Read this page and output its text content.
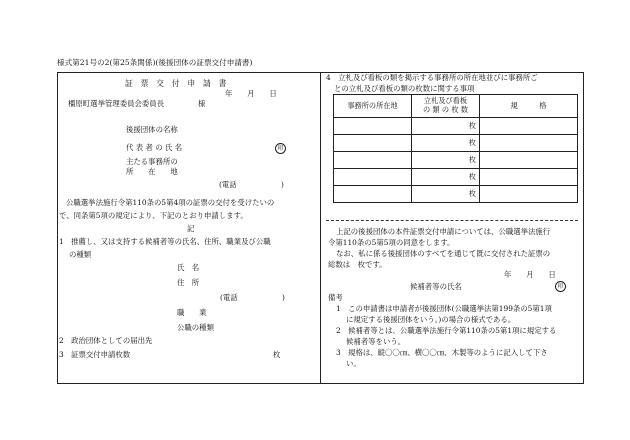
様式第21号の2(第25条関係)(後援団体の証票交付申請書)
証　票　交　付　申　請　書
年　　月　　日
橿原町選挙管理委員会委員長	様
後援団体の名称
代 表 者 の 氏 名	印
主たる事務所の
所　　在　　地
(電話　　　　　　)
公職選挙法施行令第110条の5第4項の証票の交付を受けたいの
で、同条第5項の規定により、下記のとおり申請します。
記
1　推薦し、又は支持する候補者等の氏名、住所、職業及び公職
の種類
氏　名
住　所
(電話　　　　　　)
職　　業
公職の種類
2　政治団体としての届出先
3　証票交付申請枚数	枚
4　立札及び看板の類を掲示する事務所の所在地並びに事務所ご
との立札及び看板の類の枚数に関する事項
事務所の所在地	立札及び看板
の 類 の 枚 数	規　　　格
	枚	
	枚	
	枚	
	枚	
	枚	
上記の後援団体の本件証票交付申請については、公職選挙法施行
令第110条の5第5項の同意をします。
なお、私に係る後援団体のすべてを通じて既に交付された証票の
総数は　枚です。
年　　月　　日
候補者等の氏名	印
備考
1　この申請書は申請者が後援団体(公職選挙法第199条の5第1項
に規定する後援団体をいう。)の場合の様式である。
2　候補者等とは、公職選挙法施行令第110条の5第1項に規定する
候補者等をいう。
3　規格は、縦〇〇㎝、横〇〇㎝、木製等のように記入して下さ
い。
